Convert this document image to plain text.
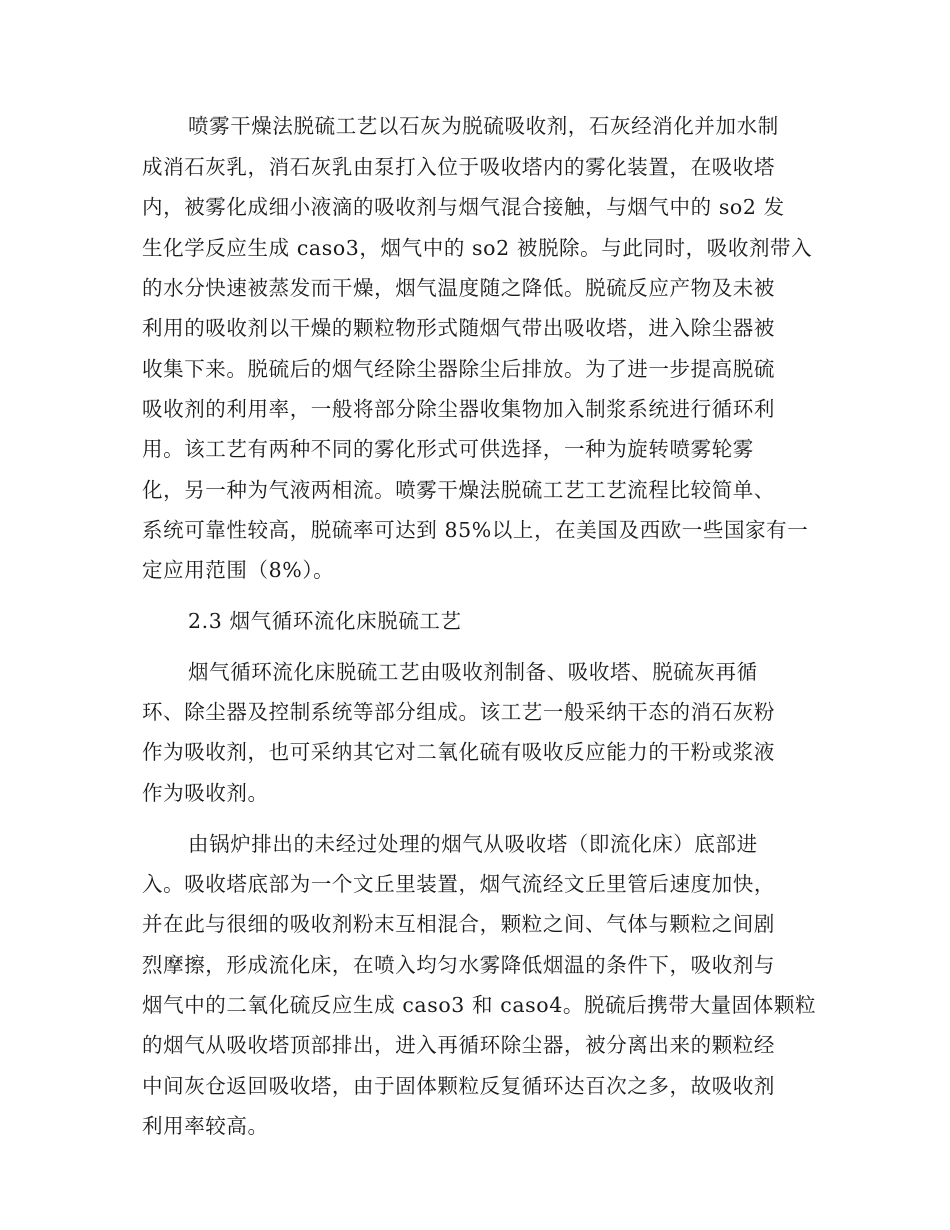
喷雾干燥法脱硫工艺以石灰为脱硫吸收剂，石灰经消化并加水制
成消石灰乳，消石灰乳由泵打入位于吸收塔内的雾化装置，在吸收塔
内，被雾化成细小液滴的吸收剂与烟气混合接触，与烟气中的 so2 发
生化学反应生成 caso3，烟气中的 so2 被脱除。与此同时，吸收剂带入
的水分快速被蒸发而干燥，烟气温度随之降低。脱硫反应产物及未被
利用的吸收剂以干燥的颗粒物形式随烟气带出吸收塔，进入除尘器被
收集下来。脱硫后的烟气经除尘器除尘后排放。为了进一步提高脱硫
吸收剂的利用率，一般将部分除尘器收集物加入制浆系统进行循环利
用。该工艺有两种不同的雾化形式可供选择，一种为旋转喷雾轮雾
化，另一种为气液两相流。喷雾干燥法脱硫工艺工艺流程比较简单、
系统可靠性较高，脱硫率可达到 85%以上，在美国及西欧一些国家有一
定应用范围（8%）。
2.3 烟气循环流化床脱硫工艺
烟气循环流化床脱硫工艺由吸收剂制备、吸收塔、脱硫灰再循
环、除尘器及控制系统等部分组成。该工艺一般采纳干态的消石灰粉
作为吸收剂，也可采纳其它对二氧化硫有吸收反应能力的干粉或浆液
作为吸收剂。
由锅炉排出的未经过处理的烟气从吸收塔（即流化床）底部进
入。吸收塔底部为一个文丘里装置，烟气流经文丘里管后速度加快，
并在此与很细的吸收剂粉末互相混合，颗粒之间、气体与颗粒之间剧
烈摩擦，形成流化床，在喷入均匀水雾降低烟温的条件下，吸收剂与
烟气中的二氧化硫反应生成 caso3 和 caso4。脱硫后携带大量固体颗粒
的烟气从吸收塔顶部排出，进入再循环除尘器，被分离出来的颗粒经
中间灰仓返回吸收塔，由于固体颗粒反复循环达百次之多，故吸收剂
利用率较高。
